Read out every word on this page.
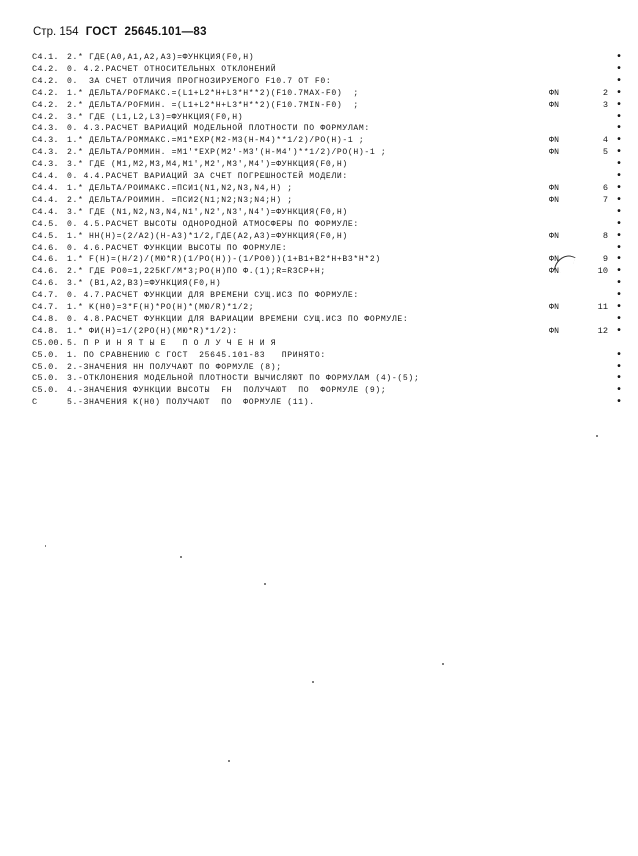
Стр. 154 ГОСТ 25645.101—83
C4.1. 2.* ГДЕ(A0,A1,A2,A3)=ФУНКЦИЯ(F0,H)	•
C4.2. 0. 4.2.РАСЧЕТ ОТНОСИТЕЛЬНЫХ ОТКЛОНЕНИЙ	•
C4.2. 0.  ЗА СЧЕТ ОТЛИЧИЯ ПРОГНОЗИРУЕМОГО F10.7 ОТ F0:	•
C4.2. 1.* ДЕЛЬТА/РОFМАКС.=(L1+L2*H+L3*H**2)(F10.7MAX-F0)  ;	ФN	2 •
C4.2. 2.* ДЕЛЬТА/РОFМИН. =(L1+L2*H+L3*H**2)(F10.7MIN-F0)  ;	ФN	3 •
C4.2. 3.* ГДЕ (L1,L2,L3)=ФУНКЦИЯ(F0,H)	•
C4.3. 0. 4.3.РАСЧЕТ ВАРИАЦИЙ МОДЕЛЬНОЙ ПЛОТНОСТИ ПО ФОРМУЛАМ:	•
C4.3. 1.* ДЕЛЬТА/РОММАКС.=M1*EXP(M2-M3(H-M4)**1/2)/РО(H)-1 ;	ФN	4 •
C4.3. 2.* ДЕЛЬТА/РОММИН. =M1'*EXP(M2'-M3'(H-M4')**1/2)/РО(H)-1 ;	ФN	5 •
C4.3. 3.* ГДЕ (M1,M2,M3,M4,M1',M2',M3',M4')=ФУНКЦИЯ(F0,H)	•
C4.4. 0. 4.4.РАСЧЕТ ВАРИАЦИЙ ЗА СЧЕТ ПОГРЕШНОСТЕЙ МОДЕЛИ:	•
C4.4. 1.* ДЕЛЬТА/РОИМАКС.=ПСИ1(N1,N2,N3,N4,H) ;	ФN	6 •
C4.4. 2.* ДЕЛЬТА/РОИМИН. =ПСИ2(N1;N2;N3;N4;H) ;	ФN	7 •
C4.4. 3.* ГДЕ (N1,N2,N3,N4,N1',N2',N3',N4')=ФУНКЦИЯ(F0,H)	•
C4.5. 0. 4.5.РАСЧЕТ ВЫСОТЫ ОДНОРОДНОЙ АТМОСФЕРЫ ПО ФОРМУЛЕ:	•
C4.5. 1.* HH(H)=(2/A2)(H-A3)*1/2,ГДЕ(A2,A3)=ФУНКЦИЯ(F0,H)	ФN	8 •
C4.6. 0. 4.6.РАСЧЕТ ФУНКЦИИ ВЫСОТЫ ПО ФОРМУЛЕ:	•
C4.6. 1.* F(H)=(H/2)/(MЮ*R)(1/PO(H))-(1/PO0))(1+B1+B2*H+B3*H*2)	ФN	9 •
C4.6. 2.* ГДЕ PO0=1,225КГ/M*3;PO(H)ПО Ф.(1);R=R3CP+H;	ФN	10 •
C4.6. 3.* (B1,A2,B3)=ФУНКЦИЯ(F0,H)	•
C4.7. 0. 4.7.РАСЧЕТ ФУНКЦИИ ДЛЯ ВРЕМЕНИ СУЩ.ИСЗ ПО ФОРМУЛЕ:	•
C4.7. 1.* K(H0)=3*F(H)*PO(H)*(MЮ/R)*1/2;	ФN	11 •
C4.8. 0. 4.8.РАСЧЕТ ФУНКЦИИ ДЛЯ ВАРИАЦИИ ВРЕМЕНИ СУЩ.ИСЗ ПО ФОРМУЛЕ:	•
C4.8. 1.* ФИ(H)=1/(2PO(H)(MЮ*R)*1/2):	ФN	12 •
C5.00. 5. П Р И Н Я Т Ы Е   П О Л У Ч Е Н И Я
C5.0. 1. ПО СРАВНЕНИЮ С ГОСТ  25645.101-83   ПРИНЯТО:	•
C5.0. 2.-ЗНАЧЕНИЯ HH ПОЛУЧАЮТ ПО ФОРМУЛЕ (8);	•
C5.0. 3.-ОТКЛОНЕНИЯ МОДЕЛЬНОЙ ПЛОТНОСТИ ВЫЧИСЛЯЮТ ПО ФОРМУЛАМ (4)-(5);	•
C5.0. 4.-ЗНАЧЕНИЯ ФУНКЦИИ ВЫСОТЫ  FH  ПОЛУЧАЮТ  ПО  ФОРМУЛЕ (9);	•
C	5.-ЗНАЧЕНИЯ K(H0) ПОЛУЧАЮТ  ПО  ФОРМУЛЕ (11).	•
